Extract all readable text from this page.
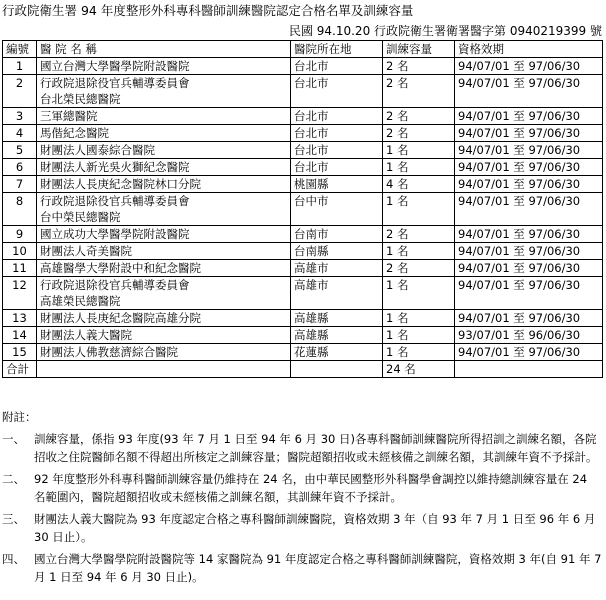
行政院衛生署 94 年度整形外科專科醫師訓練醫院認定合格名單及訓練容量
民國 94.10.20 行政院衛生署衛署醫字第 0940219399 號
編號	醫 院 名 稱	醫院所在地	訓練容量	資格效期
1	國立台灣大學醫學院附設醫院	台北市	2 名	94/07/01 至 97/06/30
2	行政院退除役官兵輔導委員會
台北榮民總醫院	台北市	2 名	94/07/01 至 97/06/30
3	三軍總醫院	台北市	2 名	94/07/01 至 97/06/30
4	馬偕紀念醫院	台北市	2 名	94/07/01 至 97/06/30
5	財團法人國泰綜合醫院	台北市	1 名	94/07/01 至 97/06/30
6	財團法人新光吳火獅紀念醫院	台北市	1 名	94/07/01 至 97/06/30
7	財團法人長庚紀念醫院林口分院	桃園縣	4 名	94/07/01 至 97/06/30
8	行政院退除役官兵輔導委員會
台中榮民總醫院	台中市	1 名	94/07/01 至 97/06/30
9	國立成功大學醫學院附設醫院	台南市	2 名	94/07/01 至 97/06/30
10	財團法人奇美醫院	台南縣	1 名	94/07/01 至 97/06/30
11	高雄醫學大學附設中和紀念醫院	高雄市	2 名	94/07/01 至 97/06/30
12	行政院退除役官兵輔導委員會
高雄榮民總醫院	高雄市	1 名	94/07/01 至 97/06/30
13	財團法人長庚紀念醫院高雄分院	高雄縣	1 名	94/07/01 至 97/06/30
14	財團法人義大醫院	高雄縣	1 名	93/07/01 至 96/06/30
15	財團法人佛教慈濟綜合醫院	花蓮縣	1 名	94/07/01 至 97/06/30
合計			24 名	
附註：
一、 訓練容量，係指 93 年度(93 年 7 月 1 日至 94 年 6 月 30 日)各專科醫師訓練醫院所得招訓之訓練名額，各院招收之住院醫師名額不得超出所核定之訓練容量；醫院超額招收或未經核備之訓練名額，其訓練年資不予採計。
二、 92 年度整形外科專科醫師訓練容量仍維持在 24 名，由中華民國整形外科醫學會調控以維持總訓練容量在 24 名範圍內，醫院超額招收或未經核備之訓練名額，其訓練年資不予採計。
三、 財團法人義大醫院為 93 年度認定合格之專科醫師訓練醫院，資格效期 3 年（自 93 年 7 月 1 日至 96 年 6 月 30 日止）。
四、 國立台灣大學醫學院附設醫院等 14 家醫院為 91 年度認定合格之專科醫師訓練醫院，資格效期 3 年(自 91 年 7 月 1 日至 94 年 6 月 30 日止)。
